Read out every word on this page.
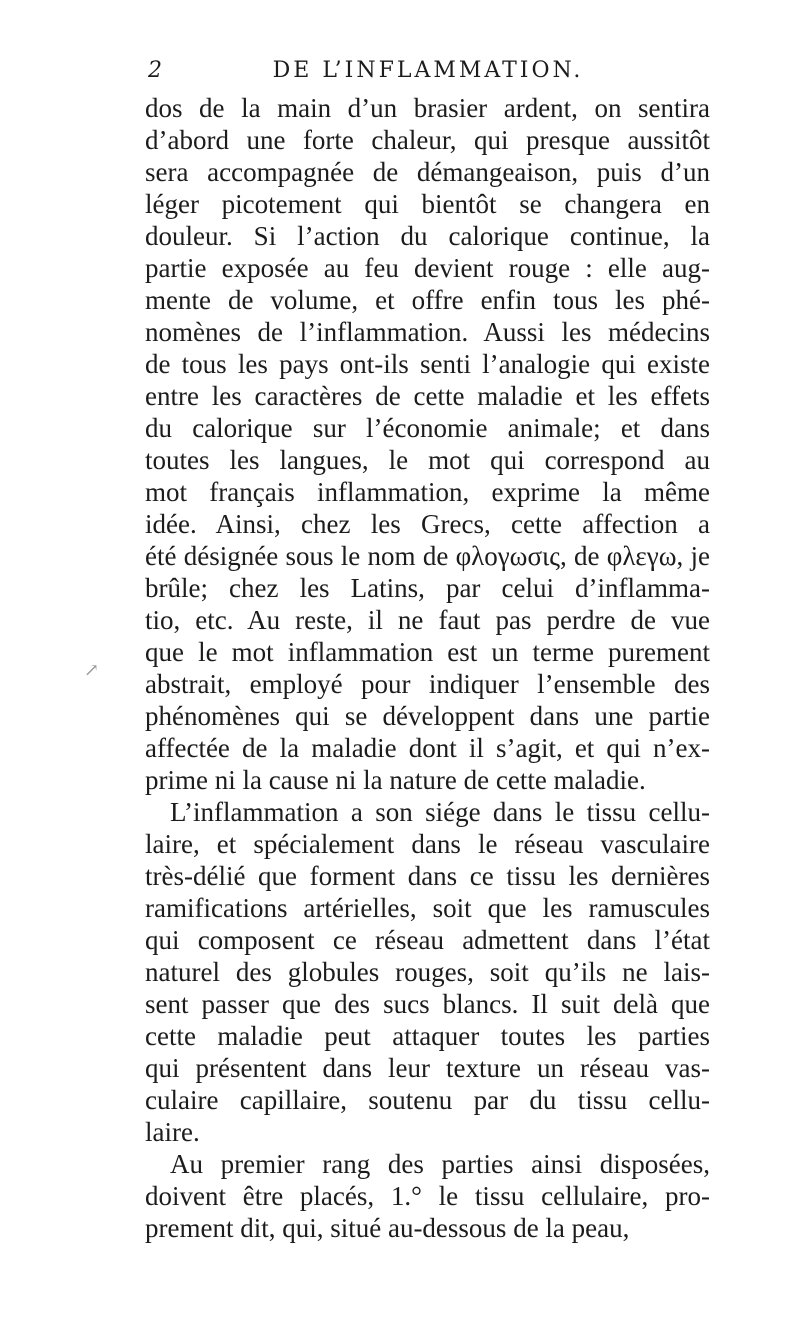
2	DE L’INFLAMMATION.
dos de la main d’un brasier ardent, on sentira
d’abord une forte chaleur, qui presque aussitôt
sera accompagnée de démangeaison, puis d’un
léger picotement qui bientôt se changera en
douleur. Si l’action du calorique continue, la
partie exposée au feu devient rouge : elle aug-
mente de volume, et offre enfin tous les phé-
nomènes de l’inflammation. Aussi les médecins
de tous les pays ont-ils senti l’analogie qui existe
entre les caractères de cette maladie et les effets
du calorique sur l’économie animale; et dans
toutes les langues, le mot qui correspond au
mot français inflammation, exprime la même
idée. Ainsi, chez les Grecs, cette affection a
été désignée sous le nom de φλογωσις, de φλεγω, je
brûle; chez les Latins, par celui d’inflamma-
tio, etc. Au reste, il ne faut pas perdre de vue
que le mot inflammation est un terme purement
abstrait, employé pour indiquer l’ensemble des
phénomènes qui se développent dans une partie
affectée de la maladie dont il s’agit, et qui n’ex-
prime ni la cause ni la nature de cette maladie.
L’inflammation a son siége dans le tissu cellu-
laire, et spécialement dans le réseau vasculaire
très-délié que forment dans ce tissu les dernières
ramifications artérielles, soit que les ramuscules
qui composent ce réseau admettent dans l’état
naturel des globules rouges, soit qu’ils ne lais-
sent passer que des sucs blancs. Il suit delà que
cette maladie peut attaquer toutes les parties
qui présentent dans leur texture un réseau vas-
culaire capillaire, soutenu par du tissu cellu-
laire.
Au premier rang des parties ainsi disposées,
doivent être placés, 1.° le tissu cellulaire, pro-
prement dit, qui, situé au-dessous de la peau,
↗
